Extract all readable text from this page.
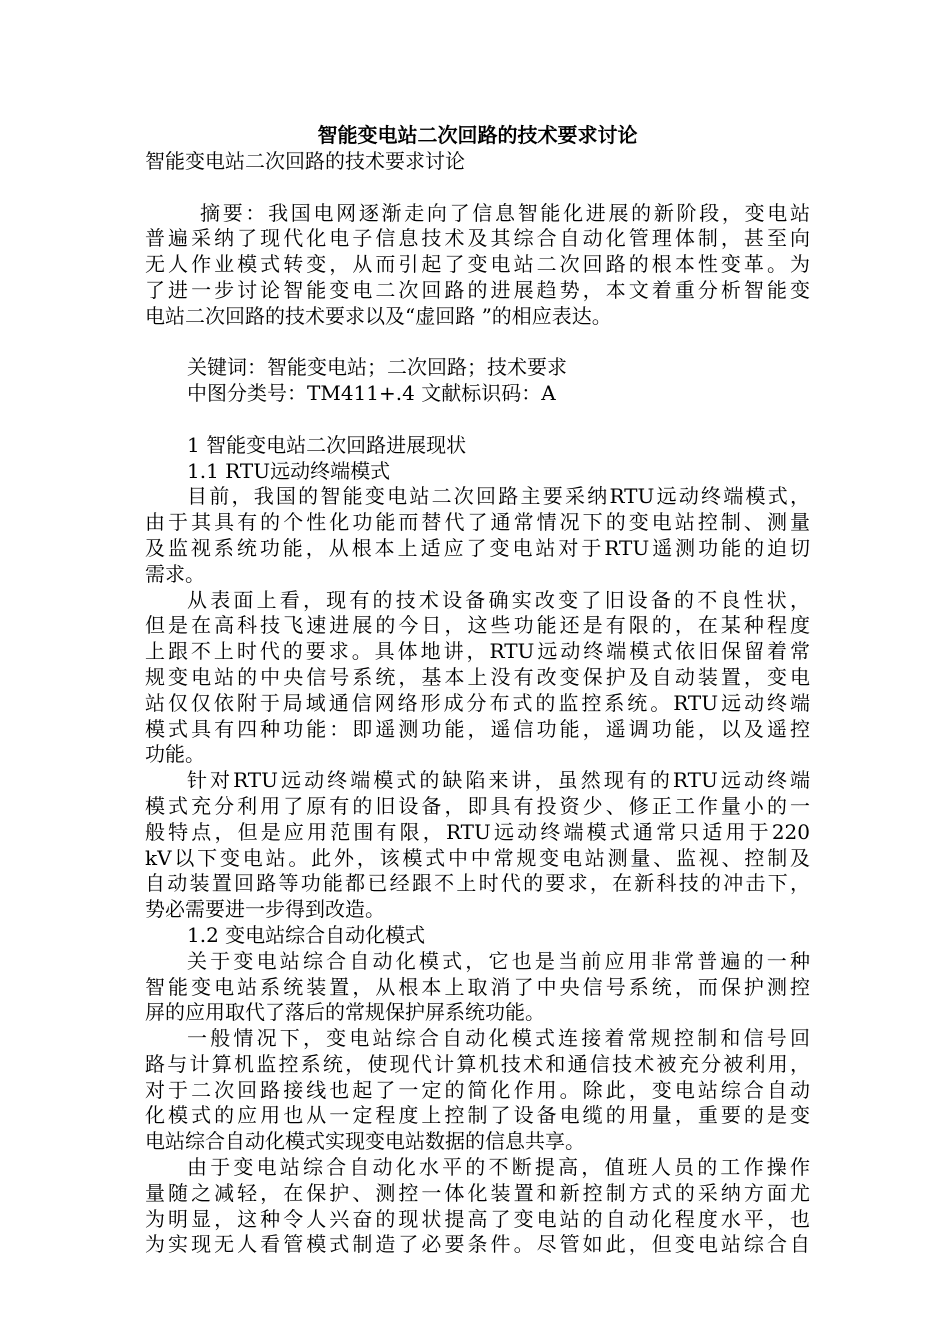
智能变电站二次回路的技术要求讨论
智能变电站二次回路的技术要求讨论
摘要：我国电网逐渐走向了信息智能化进展的新阶段，变电站
普遍采纳了现代化电子信息技术及其综合自动化管理体制，甚至向
无人作业模式转变，从而引起了变电站二次回路的根本性变革。为
了进一步讨论智能变电二次回路的进展趋势，本文着重分析智能变
电站二次回路的技术要求以及“虚回路 ”的相应表达。
关键词：智能变电站；二次回路；技术要求
中图分类号：TM411+.4 文献标识码：A
1 智能变电站二次回路进展现状
1.1 RTU远动终端模式
目前，我国的智能变电站二次回路主要采纳RTU远动终端模式，
由于其具有的个性化功能而替代了通常情况下的变电站控制、测量
及监视系统功能，从根本上适应了变电站对于RTU遥测功能的迫切
需求。
从表面上看，现有的技术设备确实改变了旧设备的不良性状，
但是在高科技飞速进展的今日，这些功能还是有限的，在某种程度
上跟不上时代的要求。具体地讲，RTU远动终端模式依旧保留着常
规变电站的中央信号系统，基本上没有改变保护及自动装置，变电
站仅仅依附于局域通信网络形成分布式的监控系统。RTU远动终端
模式具有四种功能：即遥测功能，遥信功能，遥调功能，以及遥控
功能。
针对RTU远动终端模式的缺陷来讲，虽然现有的RTU远动终端
模式充分利用了原有的旧设备，即具有投资少、修正工作量小的一
般特点，但是应用范围有限，RTU远动终端模式通常只适用于220
kV以下变电站。此外，该模式中中常规变电站测量、监视、控制及
自动装置回路等功能都已经跟不上时代的要求，在新科技的冲击下，
势必需要进一步得到改造。
1.2 变电站综合自动化模式
关于变电站综合自动化模式，它也是当前应用非常普遍的一种
智能变电站系统装置，从根本上取消了中央信号系统，而保护测控
屏的应用取代了落后的常规保护屏系统功能。
一般情况下，变电站综合自动化模式连接着常规控制和信号回
路与计算机监控系统，使现代计算机技术和通信技术被充分被利用，
对于二次回路接线也起了一定的简化作用。除此，变电站综合自动
化模式的应用也从一定程度上控制了设备电缆的用量，重要的是变
电站综合自动化模式实现变电站数据的信息共享。
由于变电站综合自动化水平的不断提高，值班人员的工作操作
量随之减轻，在保护、测控一体化装置和新控制方式的采纳方面尤
为明显，这种令人兴奋的现状提高了变电站的自动化程度水平，也
为实现无人看管模式制造了必要条件。尽管如此，但变电站综合自
